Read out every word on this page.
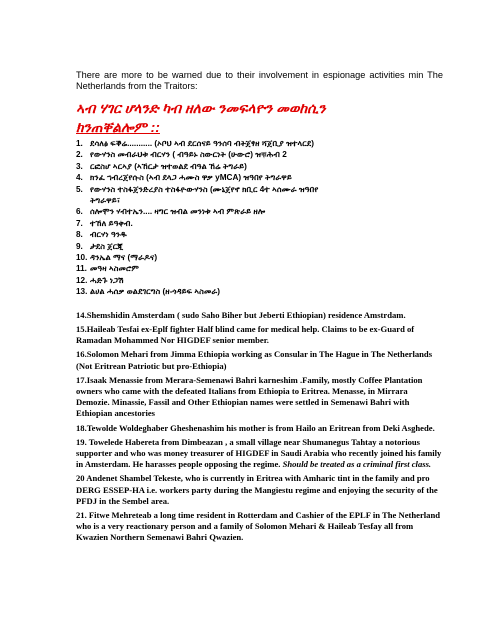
There are more to be warned due to their involvement in espionage activities min The Netherlands from the Traitors:

ኣብ ሃገር ሆላንድ ካብ ዘለው ንመፍላዮን መወከሲን
ክንጠቐልሎም ::
1. ደሳለፅ ፍቕሬ........... (ኦቦህ ኣብ ደርሰናይ ዓንሰባ ብትጀፃዘ ሻጀቢያ ዝተላርደ)
2. የውሃንስ መብራህቱ ብርሃን ( ብዓይኑ ስውርነት (ሁውሮ) ዝቑሕብ 2
3. ርፎስሆ ኣርኣያ (ኣኸርታ ዝተወልደ ብዓል ኸሬ ትግራይ)
4. ክንፈ ኀብረጀየሱስ (ኣብ ደላጋ ሓሙስ ዋቃ yMCA) ዝዓበየ ትግራዋይ
5. የውሃንስ ተስፋጀንድረያስ ተስፋዮውሃንስ (ሙኒጀየኖ ክቢር 4ተ ኣሰሙራ ዝዓበየ
ትግራዋይ፣
6. ሰሎሞን ሃብተኤን.... ዛግር ዝብል መንነቱ ኣብ ምጽራይ ዘሎ
7. ተኸለ ይዓቀብ.
8. ብርሃነ ዓንዱ
9. ታደስ ጀርጂ
10. ዳንኤል ማና (ማራዶና)
11. መዓዛ ኣስመሮም
12. ሓድጉ ነጋሽ
13. ልሀል ሓሰቃ ወልደገርግስ (ዘ-ጎዳይፍ ኣስመራ)

14.Shemshidin Amsterdam ( sudo Saho Biher but Jeberti Ethiopian) residence Amstrdam.

15.Haileab Tesfai ex-Eplf fighter Half blind came for medical help. Claims to be ex-Guard of Ramadan Mohammed Nor HIGDEF senior member.

16.Solomon Mehari from Jimma Ethiopia working as Consular in The Hague in The Netherlands (Not Eritrean Patriotic but pro-Ethiopia)

17.Isaak Menassie from Merara-Semenawi Bahri karneshim .Family, mostly Coffee Plantation owners who came with the defeated Italians from Ethiopia to Eritrea. Menasse, in Mirrara Demozie. Minassie, Fassil and Other Ethiopian names were settled in Semenawi Bahri with Ethiopian ancestories

18.Tewolde Woldeghaber Gheshenashim his mother is from Hailo an Eritrean from Deki Asghede.

19. Towelede Habereta from Dimbeazan , a small village near Shumanegus Tahtay a notorious supporter and who was money treasurer of HIGDEF in Saudi Arabia who recently joined his family in Amsterdam. He harasses people opposing the regime. Should be treated as a criminal first class.

20 Andenet Shambel Tekeste, who is currently in Eritrea with Amharic tint in the family and pro DERG ESSEP-HA i.e. workers party during the Mangiestu regime and enjoying the security of the PFDJ in the Sembel area.

21. Fitwe Mehreteab a long time resident in Rotterdam and Cashier of the EPLF in The Netherland who is a very reactionary person and a family of Solomon Mehari & Haileab Tesfay all from Kwazien Northern Semenawi Bahri Qwazien.
